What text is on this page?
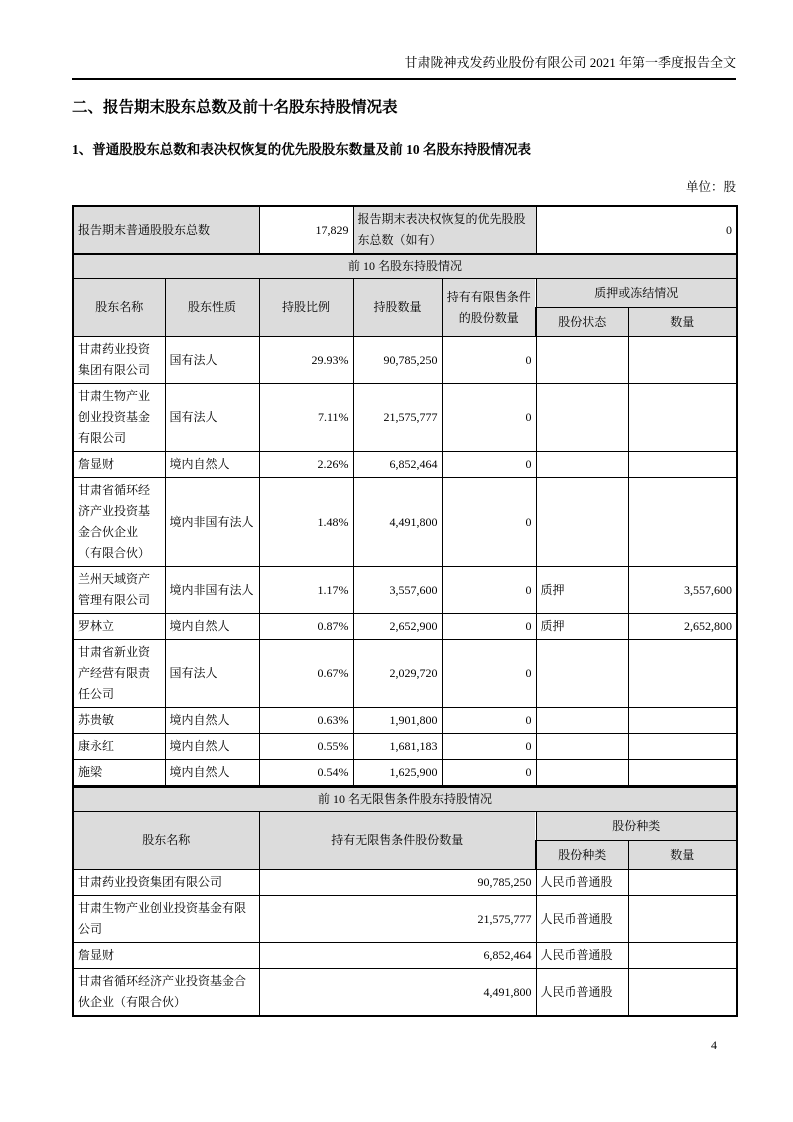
甘肃陇神戎发药业股份有限公司 2021 年第一季度报告全文
二、报告期末股东总数及前十名股东持股情况表
1、普通股股东总数和表决权恢复的优先股股东数量及前 10 名股东持股情况表
单位：股
报告期末普通股股东总数		17,829	报告期末表决权恢复的优先股股东总数（如有）		0	
前 10 名股东持股情况						
股东名称	股东性质	持股比例	持股数量	持有有限售条件的股份数量	质押或冻结情况	
					股份状态	数量
甘肃药业投资集团有限公司	国有法人	29.93%	90,785,250	0		
甘肃生物产业创业投资基金有限公司	国有法人	7.11%	21,575,777	0		
詹显财	境内自然人	2.26%	6,852,464	0		
甘肃省循环经济产业投资基金合伙企业（有限合伙）	境内非国有法人	1.48%	4,491,800	0		
兰州天域资产管理有限公司	境内非国有法人	1.17%	3,557,600	0	质押	3,557,600
罗林立	境内自然人	0.87%	2,652,900	0	质押	2,652,800
甘肃省新业资产经营有限责任公司	国有法人	0.67%	2,029,720	0		
苏贵敏	境内自然人	0.63%	1,901,800	0		
康永红	境内自然人	0.55%	1,681,183	0		
施梁	境内自然人	0.54%	1,625,900	0		
前 10 名无限售条件股东持股情况			
股东名称	持有无限售条件股份数量	股份种类	
		股份种类	数量
甘肃药业投资集团有限公司	90,785,250	人民币普通股	
甘肃生物产业创业投资基金有限公司	21,575,777	人民币普通股	
詹显财	6,852,464	人民币普通股	
甘肃省循环经济产业投资基金合伙企业（有限合伙）	4,491,800	人民币普通股	
4
